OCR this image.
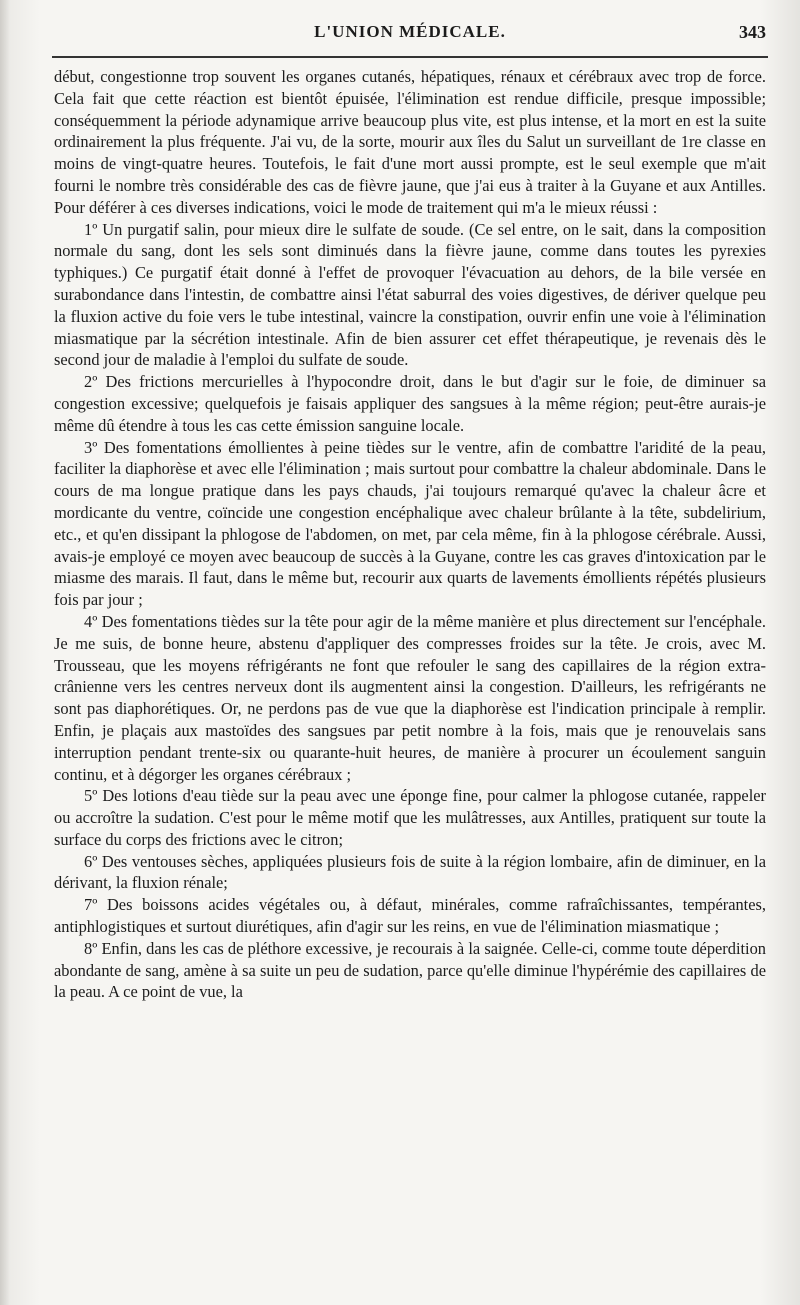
L'UNION MÉDICALE.	343

début, congestionne trop souvent les organes cutanés, hépatiques, rénaux et cérébraux avec trop de force. Cela fait que cette réaction est bientôt épuisée, l'élimination est rendue difficile, presque impossible; conséquemment la période adynamique arrive beaucoup plus vite, est plus intense, et la mort en est la suite ordinairement la plus fréquente. J'ai vu, de la sorte, mourir aux îles du Salut un surveillant de 1re classe en moins de vingt-quatre heures. Toutefois, le fait d'une mort aussi prompte, est le seul exemple que m'ait fourni le nombre très considérable des cas de fièvre jaune, que j'ai eus à traiter à la Guyane et aux Antilles. Pour déférer à ces diverses indications, voici le mode de traitement qui m'a le mieux réussi :

1º Un purgatif salin, pour mieux dire le sulfate de soude. (Ce sel entre, on le sait, dans la composition normale du sang, dont les sels sont diminués dans la fièvre jaune, comme dans toutes les pyrexies typhiques.) Ce purgatif était donné à l'effet de provoquer l'évacuation au dehors, de la bile versée en surabondance dans l'intestin, de combattre ainsi l'état saburral des voies digestives, de dériver quelque peu la fluxion active du foie vers le tube intestinal, vaincre la constipation, ouvrir enfin une voie à l'élimination miasmatique par la sécrétion intestinale. Afin de bien assurer cet effet thérapeutique, je revenais dès le second jour de maladie à l'emploi du sulfate de soude.

2º Des frictions mercurielles à l'hypocondre droit, dans le but d'agir sur le foie, de diminuer sa congestion excessive; quelquefois je faisais appliquer des sangsues à la même région; peut-être aurais-je même dû étendre à tous les cas cette émission sanguine locale.

3º Des fomentations émollientes à peine tièdes sur le ventre, afin de combattre l'aridité de la peau, faciliter la diaphorèse et avec elle l'élimination ; mais surtout pour combattre la chaleur abdominale. Dans le cours de ma longue pratique dans les pays chauds, j'ai toujours remarqué qu'avec la chaleur âcre et mordicante du ventre, coïncide une congestion encéphalique avec chaleur brûlante à la tête, subdelirium, etc., et qu'en dissipant la phlogose de l'abdomen, on met, par cela même, fin à la phlogose cérébrale. Aussi, avais-je employé ce moyen avec beaucoup de succès à la Guyane, contre les cas graves d'intoxication par le miasme des marais. Il faut, dans le même but, recourir aux quarts de lavements émollients répétés plusieurs fois par jour ;

4º Des fomentations tièdes sur la tête pour agir de la même manière et plus directement sur l'encéphale. Je me suis, de bonne heure, abstenu d'appliquer des compresses froides sur la tête. Je crois, avec M. Trousseau, que les moyens réfrigérants ne font que refouler le sang des capillaires de la région extra-crânienne vers les centres nerveux dont ils augmentent ainsi la congestion. D'ailleurs, les refrigérants ne sont pas diaphorétiques. Or, ne perdons pas de vue que la diaphorèse est l'indication principale à remplir. Enfin, je plaçais aux mastoïdes des sangsues par petit nombre à la fois, mais que je renouvelais sans interruption pendant trente-six ou quarante-huit heures, de manière à procurer un écoulement sanguin continu, et à dégorger les organes cérébraux ;

5º Des lotions d'eau tiède sur la peau avec une éponge fine, pour calmer la phlogose cutanée, rappeler ou accroître la sudation. C'est pour le même motif que les mulâtresses, aux Antilles, pratiquent sur toute la surface du corps des frictions avec le citron;

6º Des ventouses sèches, appliquées plusieurs fois de suite à la région lombaire, afin de diminuer, en la dérivant, la fluxion rénale;

7º Des boissons acides végétales ou, à défaut, minérales, comme rafraîchissantes, tempérantes, antiphlogistiques et surtout diurétiques, afin d'agir sur les reins, en vue de l'élimination miasmatique ;

8º Enfin, dans les cas de pléthore excessive, je recourais à la saignée. Celle-ci, comme toute déperdition abondante de sang, amène à sa suite un peu de sudation, parce qu'elle diminue l'hypérémie des capillaires de la peau. A ce point de vue, la
